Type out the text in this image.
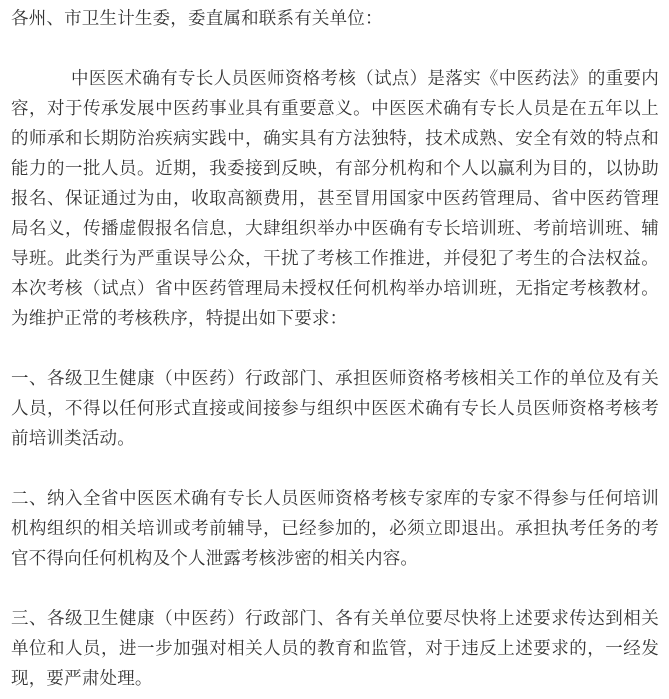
各州、市卫生计生委，委直属和联系有关单位：

中医医术确有专长人员医师资格考核（试点）是落实《中医药法》的重要内容，对于传承发展中医药事业具有重要意义。中医医术确有专长人员是在五年以上的师承和长期防治疾病实践中，确实具有方法独特，技术成熟、安全有效的特点和能力的一批人员。近期，我委接到反映，有部分机构和个人以赢利为目的，以协助报名、保证通过为由，收取高额费用，甚至冒用国家中医药管理局、省中医药管理局名义，传播虚假报名信息，大肆组织举办中医确有专长培训班、考前培训班、辅导班。此类行为严重误导公众，干扰了考核工作推进，并侵犯了考生的合法权益。本次考核（试点）省中医药管理局未授权任何机构举办培训班，无指定考核教材。为维护正常的考核秩序，特提出如下要求：

一、各级卫生健康（中医药）行政部门、承担医师资格考核相关工作的单位及有关人员，不得以任何形式直接或间接参与组织中医医术确有专长人员医师资格考核考前培训类活动。

二、纳入全省中医医术确有专长人员医师资格考核专家库的专家不得参与任何培训机构组织的相关培训或考前辅导，已经参加的，必须立即退出。承担执考任务的考官不得向任何机构及个人泄露考核涉密的相关内容。

三、各级卫生健康（中医药）行政部门、各有关单位要尽快将上述要求传达到相关单位和人员，进一步加强对相关人员的教育和监管，对于违反上述要求的，一经发现，要严肃处理。
